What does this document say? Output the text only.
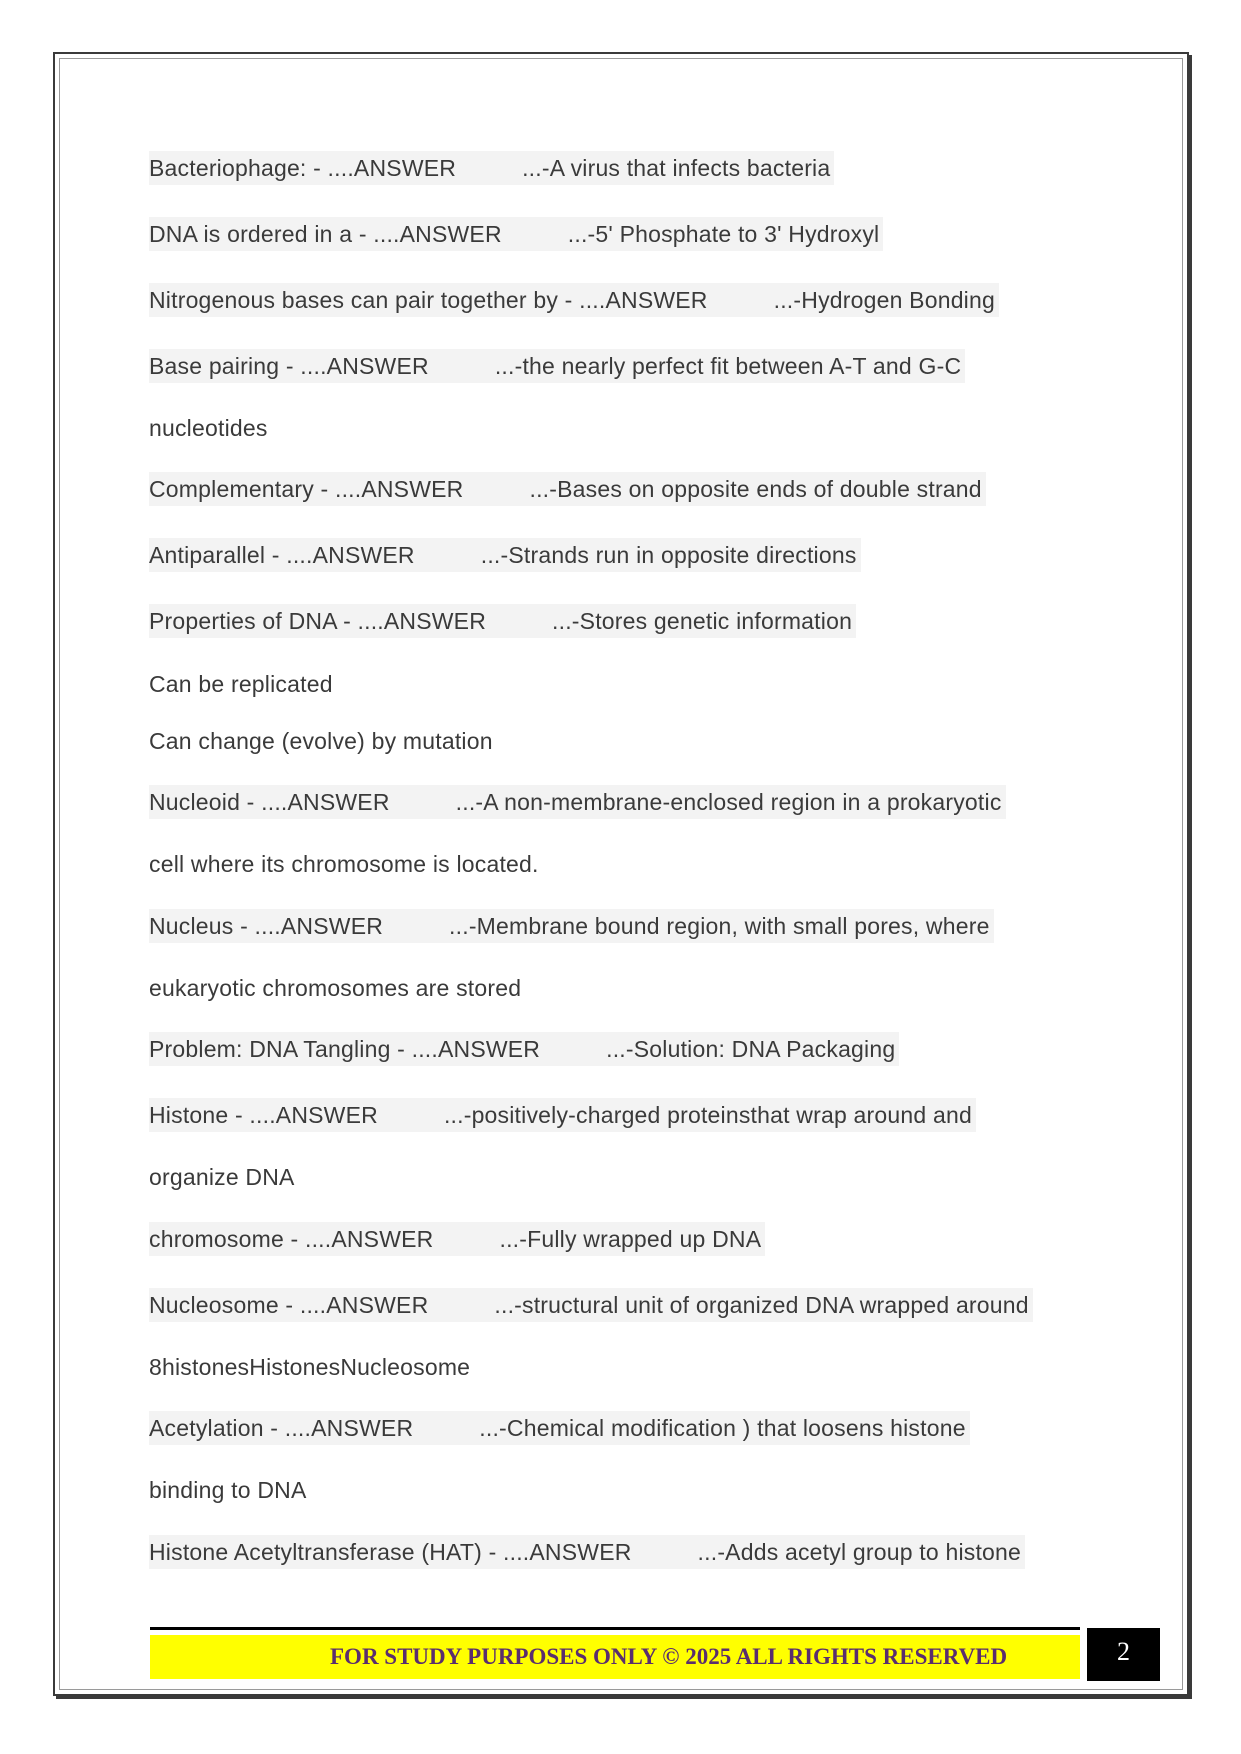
Bacteriophage: - ....ANSWER	...-A virus that infects bacteria
DNA is ordered in a - ....ANSWER	...-5' Phosphate to 3' Hydroxyl
Nitrogenous bases can pair together by - ....ANSWER	...-Hydrogen Bonding
Base pairing - ....ANSWER	...-the nearly perfect fit between A-T and G-C
nucleotides
Complementary - ....ANSWER	...-Bases on opposite ends of double strand
Antiparallel - ....ANSWER	...-Strands run in opposite directions
Properties of DNA - ....ANSWER	...-Stores genetic information
Can be replicated
Can change (evolve) by mutation
Nucleoid - ....ANSWER	...-A non-membrane-enclosed region in a prokaryotic
cell where its chromosome is located.
Nucleus - ....ANSWER	...-Membrane bound region, with small pores, where
eukaryotic chromosomes are stored
Problem: DNA Tangling - ....ANSWER	...-Solution: DNA Packaging
Histone - ....ANSWER	...-positively-charged proteinsthat wrap around and
organize DNA
chromosome - ....ANSWER	...-Fully wrapped up DNA
Nucleosome - ....ANSWER	...-structural unit of organized DNA wrapped around
8histonesHistonesNucleosome
Acetylation - ....ANSWER	...-Chemical modification ) that loosens histone
binding to DNA
Histone Acetyltransferase (HAT) - ....ANSWER	...-Adds acetyl group to histone
FOR STUDY PURPOSES ONLY © 2025 ALL RIGHTS RESERVED	2
